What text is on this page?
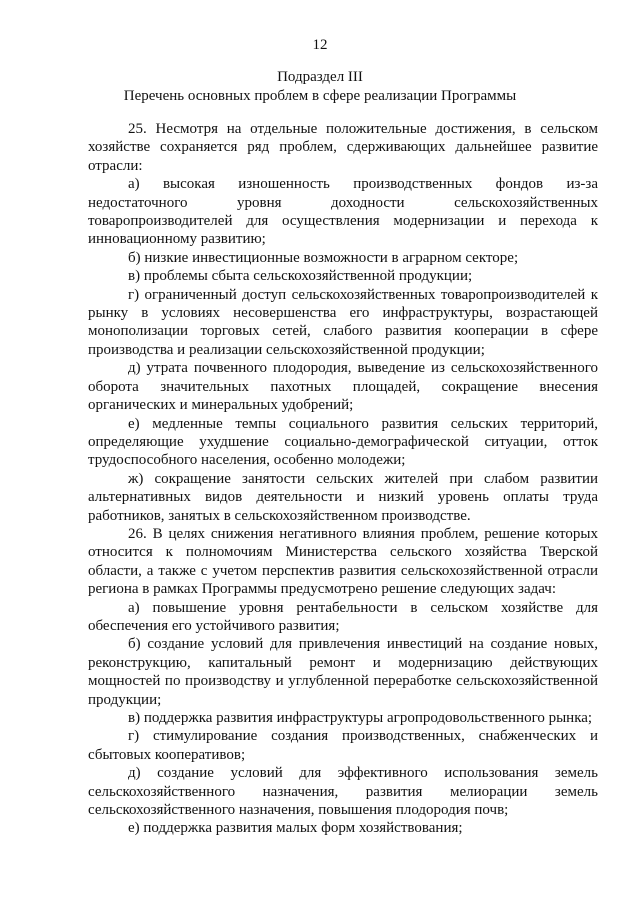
12
Подраздел III
Перечень основных проблем в сфере реализации Программы

25. Несмотря на отдельные положительные достижения, в сельском хозяйстве сохраняется ряд проблем, сдерживающих дальнейшее развитие отрасли:

а) высокая изношенность производственных фондов из-за недостаточного уровня доходности сельскохозяйственных товаропроизводителей для осуществления модернизации и перехода к инновационному развитию;

б) низкие инвестиционные возможности в аграрном секторе;

в) проблемы сбыта сельскохозяйственной продукции;

г) ограниченный доступ сельскохозяйственных товаропроизводителей к рынку в условиях несовершенства его инфраструктуры, возрастающей монополизации торговых сетей, слабого развития кооперации в сфере производства и реализации сельскохозяйственной продукции;

д) утрата почвенного плодородия, выведение из сельскохозяйственного оборота значительных пахотных площадей, сокращение внесения органических и минеральных удобрений;

е) медленные темпы социального развития сельских территорий, определяющие ухудшение социально-демографической ситуации, отток трудоспособного населения, особенно молодежи;

ж) сокращение занятости сельских жителей при слабом развитии альтернативных видов деятельности и низкий уровень оплаты труда работников, занятых в сельскохозяйственном производстве.

26. В целях снижения негативного влияния проблем, решение которых относится к полномочиям Министерства сельского хозяйства Тверской области, а также с учетом перспектив развития сельскохозяйственной отрасли региона в рамках Программы предусмотрено решение следующих задач:

а) повышение уровня рентабельности в сельском хозяйстве для обеспечения его устойчивого развития;

б) создание условий для привлечения инвестиций на создание новых, реконструкцию, капитальный ремонт и модернизацию действующих мощностей по производству и углубленной переработке сельскохозяйственной продукции;

в) поддержка развития инфраструктуры агропродовольственного рынка;

г) стимулирование создания производственных, снабженческих и сбытовых кооперативов;

д) создание условий для эффективного использования земель сельскохозяйственного назначения, развития мелиорации земель сельскохозяйственного назначения, повышения плодородия почв;

е) поддержка развития малых форм хозяйствования;
